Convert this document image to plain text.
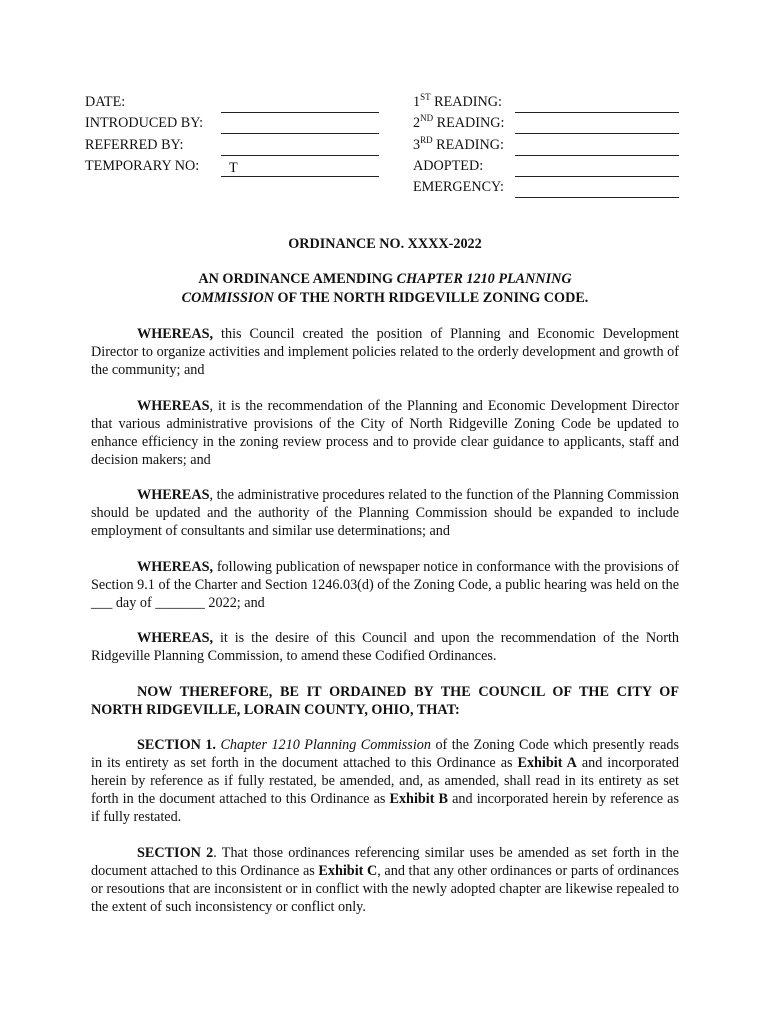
DATE:
INTRODUCED BY:
REFERRED BY:
TEMPORARY NO: T
1ST READING:
2ND READING:
3RD READING:
ADOPTED:
EMERGENCY:
ORDINANCE NO. XXXX-2022
AN ORDINANCE AMENDING CHAPTER 1210 PLANNING
COMMISSION OF THE NORTH RIDGEVILLE ZONING CODE.

WHEREAS, this Council created the position of Planning and Economic Development Director to organize activities and implement policies related to the orderly development and growth of the community; and

WHEREAS, it is the recommendation of the Planning and Economic Development Director that various administrative provisions of the City of North Ridgeville Zoning Code be updated to enhance efficiency in the zoning review process and to provide clear guidance to applicants, staff and decision makers; and

WHEREAS, the administrative procedures related to the function of the Planning Commission should be updated and the authority of the Planning Commission should be expanded to include employment of consultants and similar use determinations; and

WHEREAS, following publication of newspaper notice in conformance with the provisions of Section 9.1 of the Charter and Section 1246.03(d) of the Zoning Code, a public hearing was held on the ___ day of _______ 2022; and

WHEREAS, it is the desire of this Council and upon the recommendation of the North Ridgeville Planning Commission, to amend these Codified Ordinances.

NOW THEREFORE, BE IT ORDAINED BY THE COUNCIL OF THE CITY OF NORTH RIDGEVILLE, LORAIN COUNTY, OHIO, THAT:

SECTION 1. Chapter 1210 Planning Commission of the Zoning Code which presently reads in its entirety as set forth in the document attached to this Ordinance as Exhibit A and incorporated herein by reference as if fully restated, be amended, and, as amended, shall read in its entirety as set forth in the document attached to this Ordinance as Exhibit B and incorporated herein by reference as if fully restated.

SECTION 2. That those ordinances referencing similar uses be amended as set forth in the document attached to this Ordinance as Exhibit C, and that any other ordinances or parts of ordinances or resoutions that are inconsistent or in conflict with the newly adopted chapter are likewise repealed to the extent of such inconsistency or conflict only.
